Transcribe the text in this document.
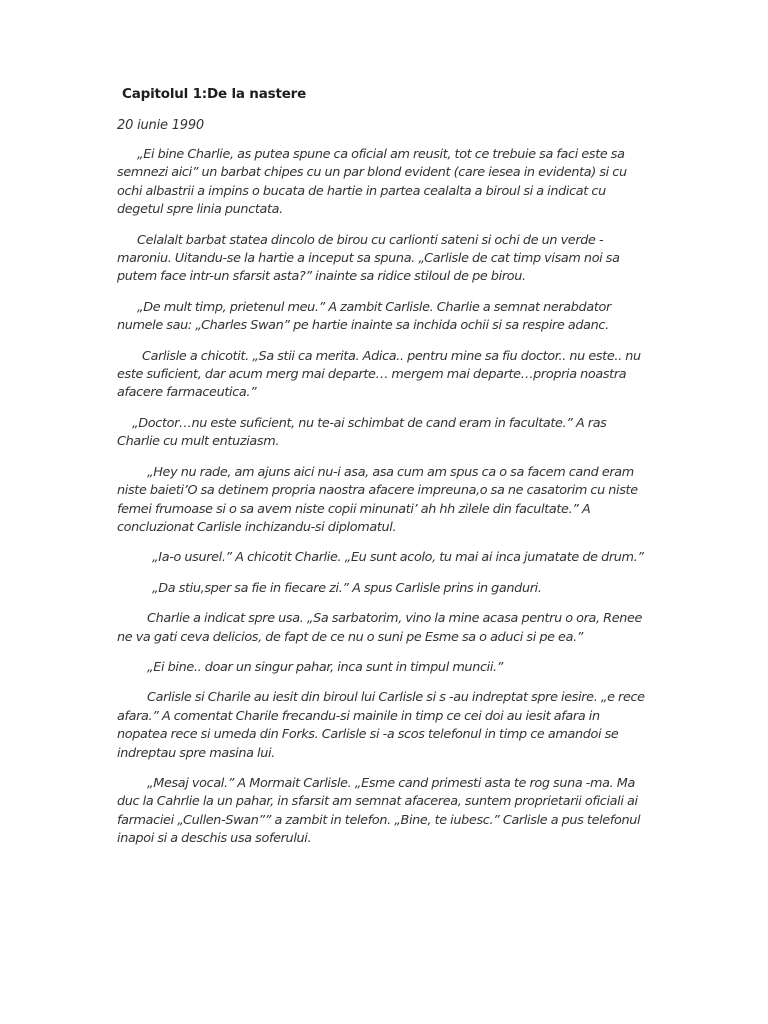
Capitolul 1:De la nastere

20 iunie 1990

„Ei bine Charlie, as putea spune ca oficial am reusit, tot ce trebuie sa faci este sa semnezi aici” un barbat chipes cu un par blond evident (care iesea in evidenta) si cu ochi albastrii a impins o bucata de hartie in partea cealalta a biroul si a indicat cu degetul spre linia punctata.

Celalalt barbat statea dincolo de birou cu carlionti sateni si ochi de un verde -maroniu. Uitandu-se la hartie a inceput sa spuna. „Carlisle de cat timp visam noi sa putem face intr-un sfarsit asta?” inainte sa ridice stiloul de pe birou.

„De mult timp, prietenul meu.” A zambit Carlisle. Charlie a semnat nerabdator numele sau: „Charles Swan” pe hartie inainte sa inchida ochii si sa respire adanc.

Carlisle a chicotit. „Sa stii ca merita. Adica.. pentru mine sa fiu doctor.. nu este.. nu este suficient, dar acum merg mai departe… mergem mai departe…propria noastra afacere farmaceutica.”

„Doctor…nu este suficient, nu te-ai schimbat de cand eram in facultate.” A ras Charlie cu mult entuziasm.

„Hey nu rade, am ajuns aici nu-i asa, asa cum am spus ca o sa facem cand eram niste baieti’O sa detinem propria naostra afacere impreuna,o sa ne casatorim cu niste femei frumoase si o sa avem niste copii minunati’ ah hh zilele din facultate.” A concluzionat Carlisle inchizandu-si diplomatul.

„Ia-o usurel.” A chicotit Charlie. „Eu sunt acolo, tu mai ai inca jumatate de drum.”

„Da stiu,sper sa fie in fiecare zi.” A spus Carlisle prins in ganduri.

Charlie a indicat spre usa. „Sa sarbatorim, vino la mine acasa pentru o ora, Renee ne va gati ceva delicios, de fapt de ce nu o suni pe Esme sa o aduci si pe ea.”

„Ei bine.. doar un singur pahar, inca sunt in timpul muncii.”

Carlisle si Charile au iesit din biroul lui Carlisle si s -au indreptat spre iesire. „e rece afara.” A comentat Charile frecandu-si mainile in timp ce cei doi au iesit afara in nopatea rece si umeda din Forks. Carlisle si -a scos telefonul in timp ce amandoi se indreptau spre masina lui.

„Mesaj vocal.” A Mormait Carlisle. „Esme cand primesti asta te rog suna -ma. Ma duc la Cahrlie la un pahar, in sfarsit am semnat afacerea, suntem proprietarii oficiali ai farmaciei „Cullen-Swan”” a zambit in telefon. „Bine, te iubesc.” Carlisle a pus telefonul inapoi si a deschis usa soferului.
